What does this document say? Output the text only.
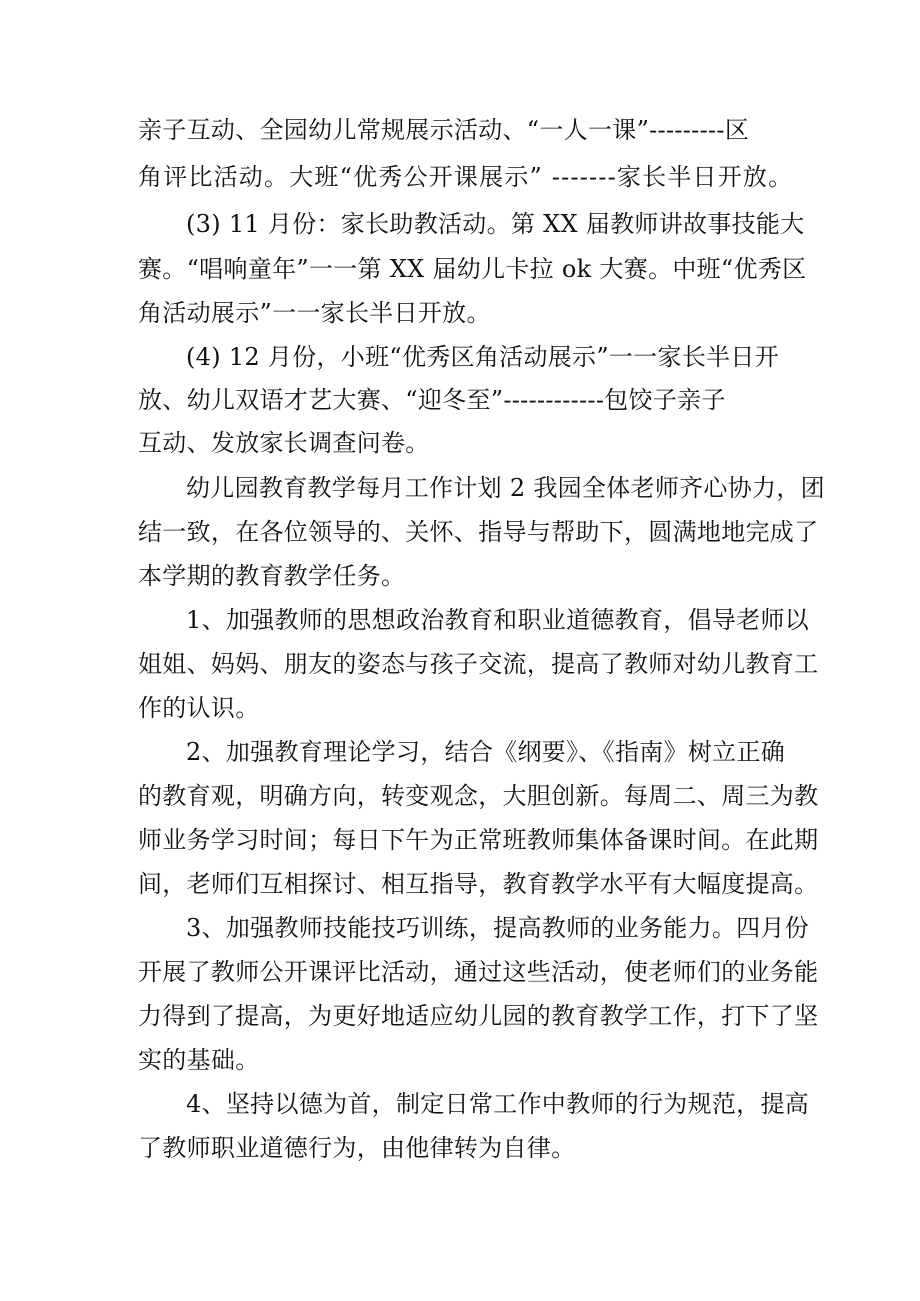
亲子互动、全园幼儿常规展示活动、“一人一课”---------区
角评比活动。大班“优秀公开课展示” -------家长半日开放。
(3) 11 月份：家长助教活动。第 XX 届教师讲故事技能大
赛。“唱响童年”一一第 XX 届幼儿卡拉 ok 大赛。中班“优秀区
角活动展示”一一家长半日开放。
(4) 12 月份，小班“优秀区角活动展示”一一家长半日开
放、幼儿双语才艺大赛、“迎冬至”------------包饺子亲子
互动、发放家长调查问卷。
幼儿园教育教学每月工作计划 2 我园全体老师齐心协力，团
结一致，在各位领导的、关怀、指导与帮助下，圆满地地完成了
本学期的教育教学任务。
1、加强教师的思想政治教育和职业道德教育，倡导老师以
姐姐、妈妈、朋友的姿态与孩子交流，提高了教师对幼儿教育工
作的认识。
2、加强教育理论学习，结合《纲要》、《指南》树立正确
的教育观，明确方向，转变观念，大胆创新。每周二、周三为教
师业务学习时间；每日下午为正常班教师集体备课时间。在此期
间，老师们互相探讨、相互指导，教育教学水平有大幅度提高。
3、加强教师技能技巧训练，提高教师的业务能力。四月份
开展了教师公开课评比活动，通过这些活动，使老师们的业务能
力得到了提高，为更好地适应幼儿园的教育教学工作，打下了坚
实的基础。
4、坚持以德为首，制定日常工作中教师的行为规范，提高
了教师职业道德行为，由他律转为自律。
